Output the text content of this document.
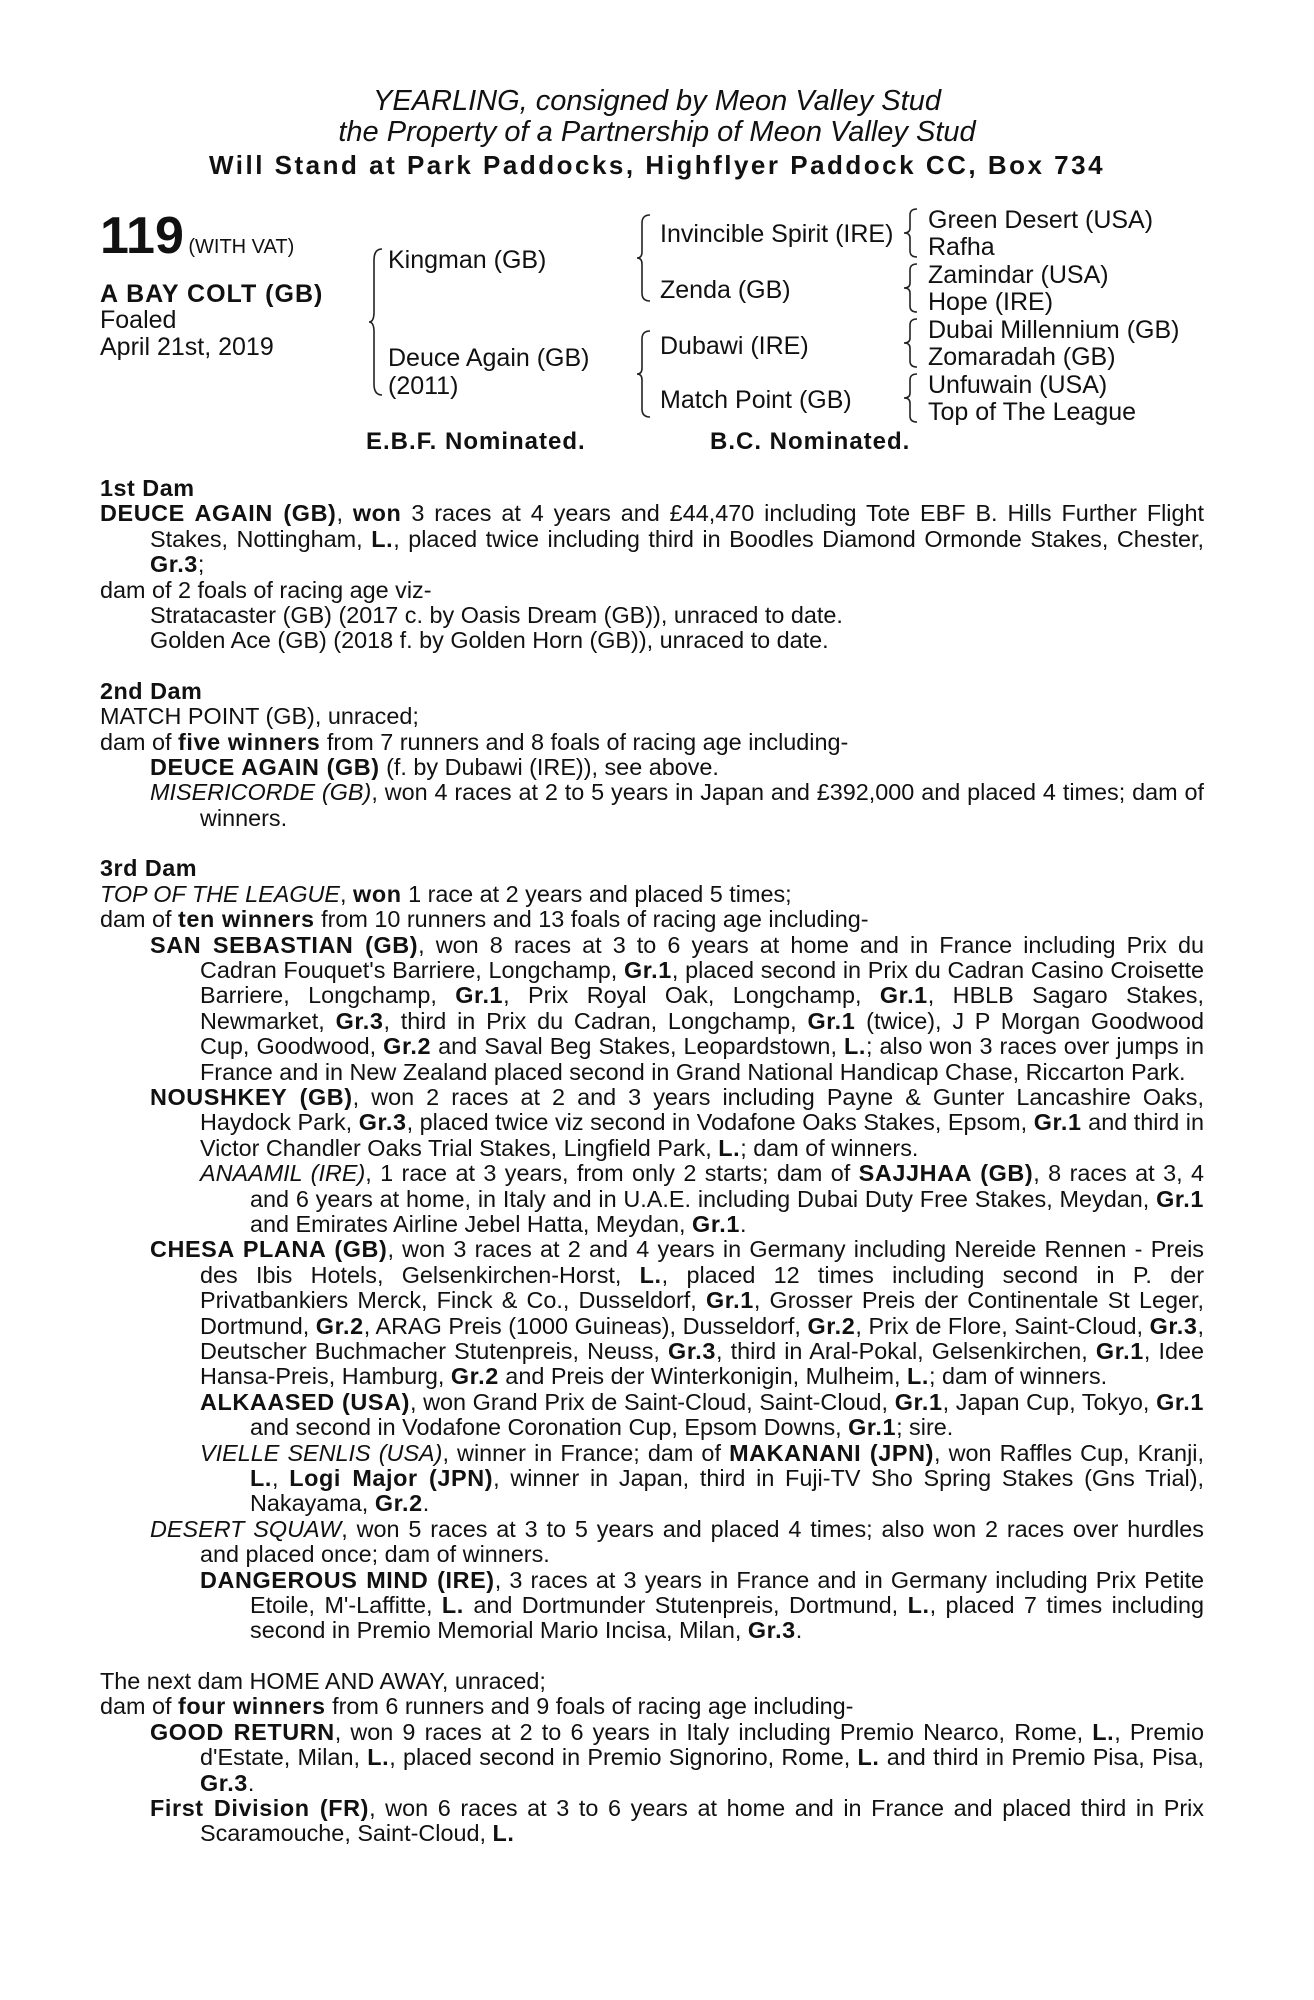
YEARLING, consigned by Meon Valley Stud
the Property of a Partnership of Meon Valley Stud
Will Stand at Park Paddocks, Highflyer Paddock CC, Box 734
119 (WITH VAT)
A BAY COLT (GB)
Foaled
April 21st, 2019
Kingman (GB)
Deuce Again (GB)
(2011)
Invincible Spirit (IRE)
Zenda (GB)
Dubawi (IRE)
Match Point (GB)
Green Desert (USA)
Rafha
Zamindar (USA)
Hope (IRE)
Dubai Millennium (GB)
Zomaradah (GB)
Unfuwain (USA)
Top of The League
E.B.F. Nominated.	B.C. Nominated.

1st Dam

DEUCE AGAIN (GB), won 3 races at 4 years and £44,470 including Tote EBF B. Hills Further Flight Stakes, Nottingham, L., placed twice including third in Boodles Diamond Ormonde Stakes, Chester, Gr.3;

dam of 2 foals of racing age viz-

Stratacaster (GB) (2017 c. by Oasis Dream (GB)), unraced to date.

Golden Ace (GB) (2018 f. by Golden Horn (GB)), unraced to date.

2nd Dam

MATCH POINT (GB), unraced;

dam of five winners from 7 runners and 8 foals of racing age including-

DEUCE AGAIN (GB) (f. by Dubawi (IRE)), see above.

MISERICORDE (GB), won 4 races at 2 to 5 years in Japan and £392,000 and placed 4 times; dam of winners.

3rd Dam

TOP OF THE LEAGUE, won 1 race at 2 years and placed 5 times;

dam of ten winners from 10 runners and 13 foals of racing age including-

SAN SEBASTIAN (GB), won 8 races at 3 to 6 years at home and in France including Prix du Cadran Fouquet's Barriere, Longchamp, Gr.1, placed second in Prix du Cadran Casino Croisette Barriere, Longchamp, Gr.1, Prix Royal Oak, Longchamp, Gr.1, HBLB Sagaro Stakes, Newmarket, Gr.3, third in Prix du Cadran, Longchamp, Gr.1 (twice), J P Morgan Goodwood Cup, Goodwood, Gr.2 and Saval Beg Stakes, Leopardstown, L.; also won 3 races over jumps in France and in New Zealand placed second in Grand National Handicap Chase, Riccarton Park.

NOUSHKEY (GB), won 2 races at 2 and 3 years including Payne & Gunter Lancashire Oaks, Haydock Park, Gr.3, placed twice viz second in Vodafone Oaks Stakes, Epsom, Gr.1 and third in Victor Chandler Oaks Trial Stakes, Lingfield Park, L.; dam of winners.

ANAAMIL (IRE), 1 race at 3 years, from only 2 starts; dam of SAJJHAA (GB), 8 races at 3, 4 and 6 years at home, in Italy and in U.A.E. including Dubai Duty Free Stakes, Meydan, Gr.1 and Emirates Airline Jebel Hatta, Meydan, Gr.1.

CHESA PLANA (GB), won 3 races at 2 and 4 years in Germany including Nereide Rennen - Preis des Ibis Hotels, Gelsenkirchen-Horst, L., placed 12 times including second in P. der Privatbankiers Merck, Finck & Co., Dusseldorf, Gr.1, Grosser Preis der Continentale St Leger, Dortmund, Gr.2, ARAG Preis (1000 Guineas), Dusseldorf, Gr.2, Prix de Flore, Saint-Cloud, Gr.3, Deutscher Buchmacher Stutenpreis, Neuss, Gr.3, third in Aral-Pokal, Gelsenkirchen, Gr.1, Idee Hansa-Preis, Hamburg, Gr.2 and Preis der Winterkonigin, Mulheim, L.; dam of winners.

ALKAASED (USA), won Grand Prix de Saint-Cloud, Saint-Cloud, Gr.1, Japan Cup, Tokyo, Gr.1 and second in Vodafone Coronation Cup, Epsom Downs, Gr.1; sire.

VIELLE SENLIS (USA), winner in France; dam of MAKANANI (JPN), won Raffles Cup, Kranji, L., Logi Major (JPN), winner in Japan, third in Fuji-TV Sho Spring Stakes (Gns Trial), Nakayama, Gr.2.

DESERT SQUAW, won 5 races at 3 to 5 years and placed 4 times; also won 2 races over hurdles and placed once; dam of winners.

DANGEROUS MIND (IRE), 3 races at 3 years in France and in Germany including Prix Petite Etoile, M'-Laffitte, L. and Dortmunder Stutenpreis, Dortmund, L., placed 7 times including second in Premio Memorial Mario Incisa, Milan, Gr.3.

The next dam HOME AND AWAY, unraced;

dam of four winners from 6 runners and 9 foals of racing age including-

GOOD RETURN, won 9 races at 2 to 6 years in Italy including Premio Nearco, Rome, L., Premio d'Estate, Milan, L., placed second in Premio Signorino, Rome, L. and third in Premio Pisa, Pisa, Gr.3.

First Division (FR), won 6 races at 3 to 6 years at home and in France and placed third in Prix Scaramouche, Saint-Cloud, L.
